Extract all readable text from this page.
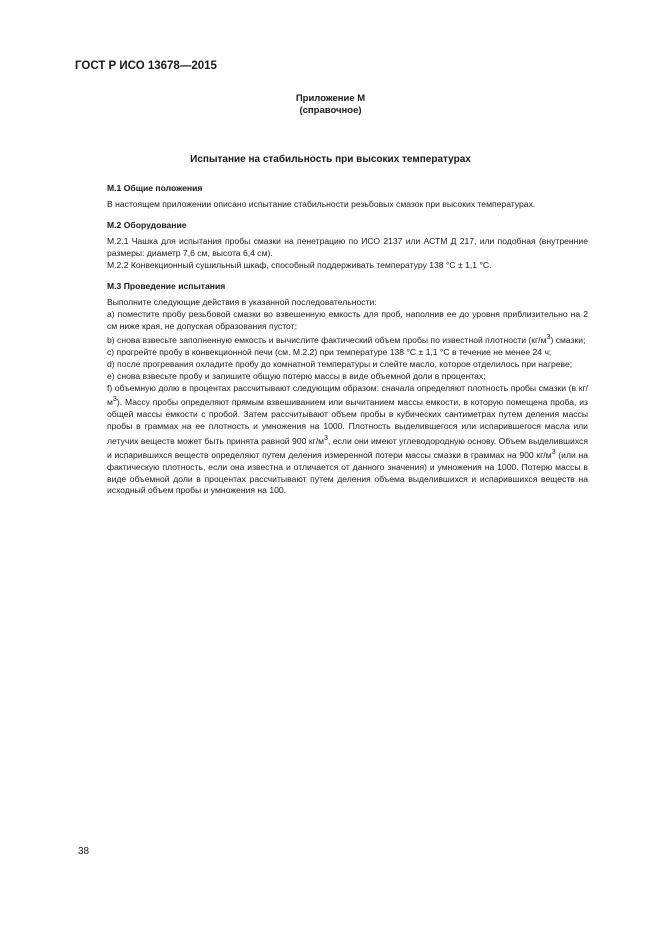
ГОСТ Р ИСО 13678—2015
Приложение М
(справочное)
Испытание на стабильность при высоких температурах

М.1 Общие положения

В настоящем приложении описано испытание стабильности резьбовых смазок при высоких температурах.

М.2 Оборудование

М.2.1 Чашка для испытания пробы смазки на пенетрацию по ИСО 2137 или АСТМ Д 217, или подобная (внутренние размеры: диаметр 7,6 см, высота 6,4 см).

М.2.2 Конвекционный сушильный шкаф, способный поддерживать температуру 138 °C ± 1,1 °C.

М.3 Проведение испытания

Выполните следующие действия в указанной последовательности:

a) поместите пробу резьбовой смазки во взвешенную емкость для проб, наполнив ее до уровня приблизительно на 2 см ниже края, не допуская образования пустот;

b) снова взвесьте заполненную емкость и вычислите фактический объем пробы по известной плотности $(кг/м^3)$ смазки;

c) прогрейте пробу в конвекционной печи (см. М.2.2) при температуре 138 °C ± 1,1 °C в течение не менее 24 ч;

d) после прогревания охладите пробу до комнатной температуры и слейте масло, которое отделилось при нагреве;

e) снова взвесьте пробу и запишите общую потерю массы в виде объемной доли в процентах;

f) объемную долю в процентах рассчитывают следующим образом: сначала определяют плотность пробы смазки (в $кг/м^3$). Массу пробы определяют прямым взвешиванием или вычитанием массы емкости, в которую помещена проба, из общей массы емкости с пробой. Затем рассчитывают объем пробы в кубических сантиметрах путем деления массы пробы в граммах на ее плотность и умножения на 1000. Плотность выделившегося или испарившегося масла или летучих веществ может быть принята равной 900 $кг/м^3$, если они имеют углеводородную основу. Объем выделившихся и испарившихся веществ определяют путем деления измеренной потери массы смазки в граммах на 900 $кг/м^3$ (или на фактическую плотность, если она известна и отличается от данного значения) и умножения на 1000. Потерю массы в виде объемной доли в процентах рассчитывают путем деления объема выделившихся и испарившихся веществ на исходный объем пробы и умножения на 100.

38
